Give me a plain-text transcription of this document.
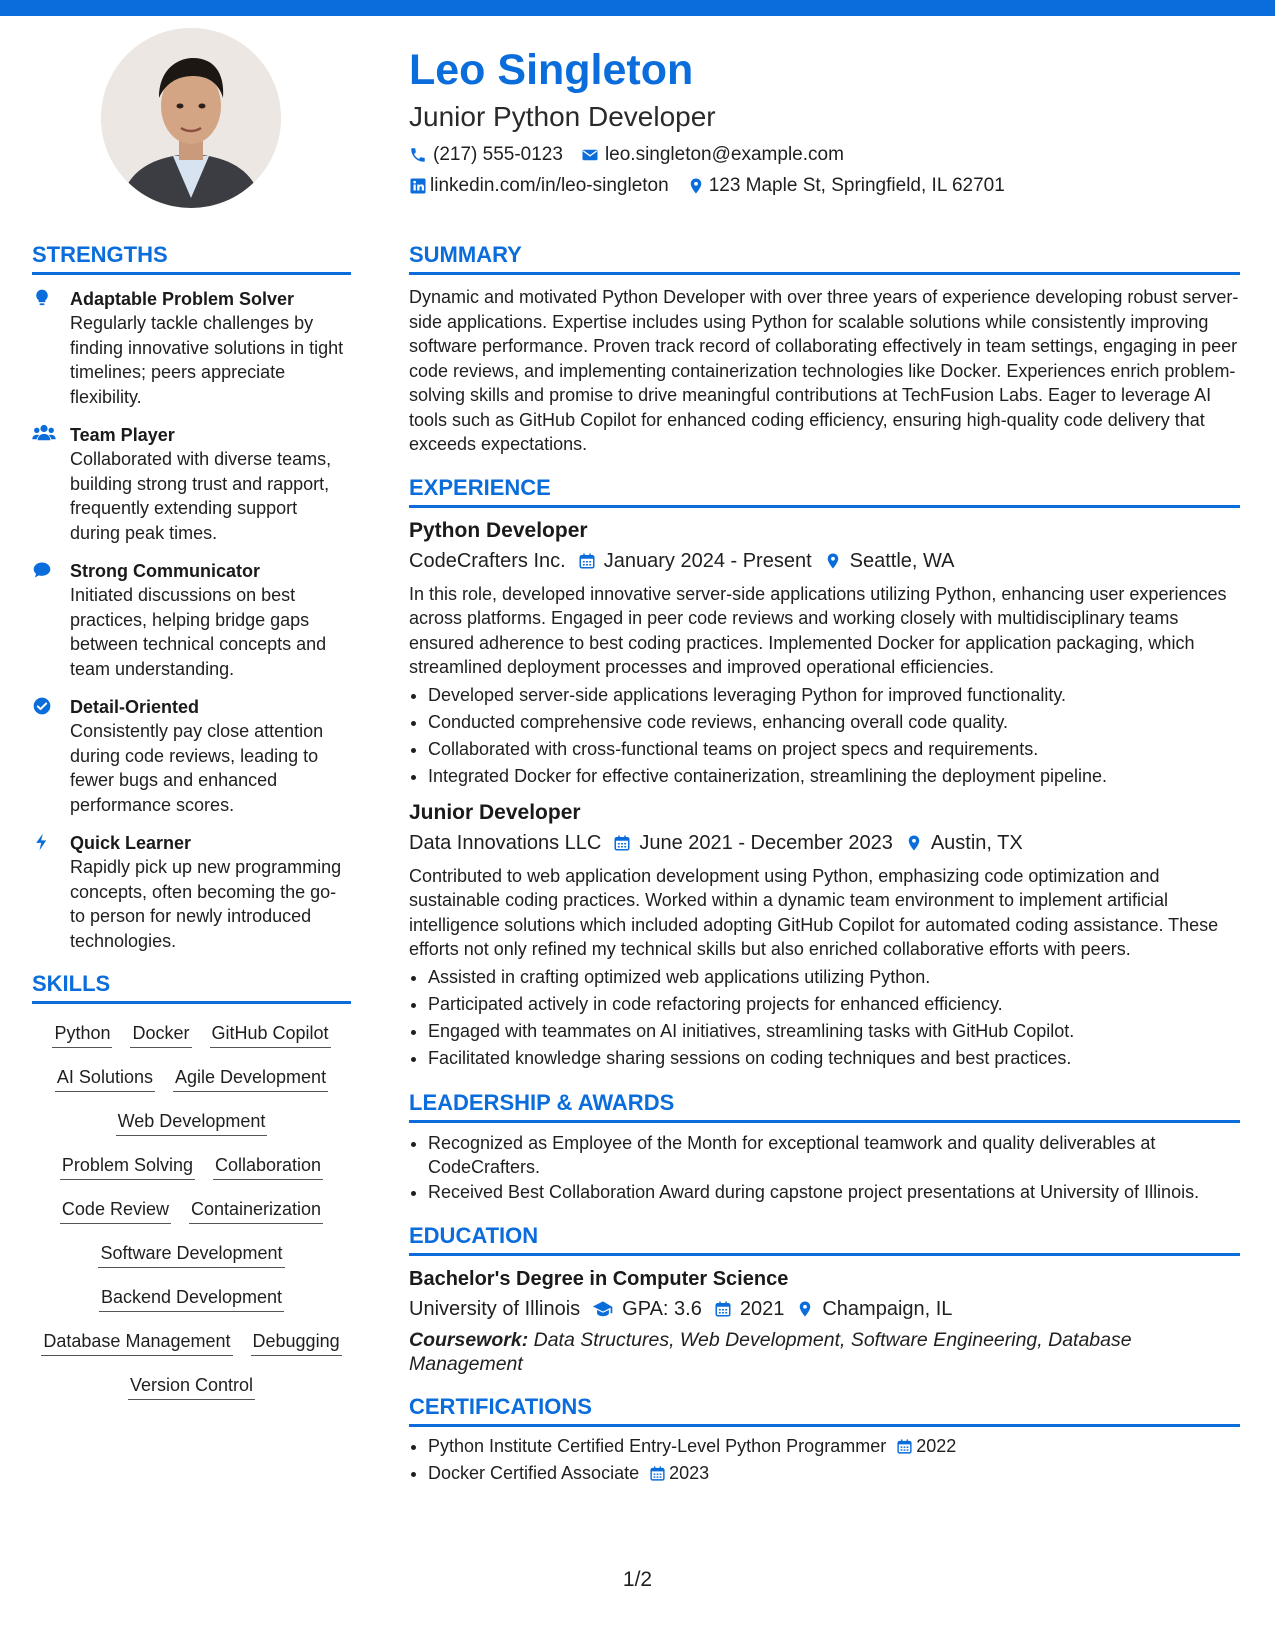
Leo Singleton
Junior Python Developer
(217) 555-0123 leo.singleton@example.com
linkedin.com/in/leo-singleton 123 Maple St, Springfield, IL 62701
STRENGTHS
Adaptable Problem Solver
Regularly tackle challenges by finding innovative solutions in tight timelines; peers appreciate flexibility.
Team Player
Collaborated with diverse teams, building strong trust and rapport, frequently extending support during peak times.
Strong Communicator
Initiated discussions on best practices, helping bridge gaps between technical concepts and team understanding.
Detail-Oriented
Consistently pay close attention during code reviews, leading to fewer bugs and enhanced performance scores.
Quick Learner
Rapidly pick up new programming concepts, often becoming the go-to person for newly introduced technologies.
SKILLS
Python Docker GitHub Copilot
AI Solutions Agile Development
Web Development
Problem Solving Collaboration
Code Review Containerization
Software Development
Backend Development
Database Management Debugging
Version Control
SUMMARY

Dynamic and motivated Python Developer with over three years of experience developing robust server-side applications. Expertise includes using Python for scalable solutions while consistently improving software performance. Proven track record of collaborating effectively in team settings, engaging in peer code reviews, and implementing containerization technologies like Docker. Experiences enrich problem-solving skills and promise to drive meaningful contributions at TechFusion Labs. Eager to leverage AI tools such as GitHub Copilot for enhanced coding efficiency, ensuring high-quality code delivery that exceeds expectations.

EXPERIENCE
Python Developer
CodeCrafters Inc. January 2024 - Present Seattle, WA

In this role, developed innovative server-side applications utilizing Python, enhancing user experiences across platforms. Engaged in peer code reviews and working closely with multidisciplinary teams ensured adherence to best coding practices. Implemented Docker for application packaging, which streamlined deployment processes and improved operational efficiencies.

• Developed server-side applications leveraging Python for improved functionality.
• Conducted comprehensive code reviews, enhancing overall code quality.
• Collaborated with cross-functional teams on project specs and requirements.
• Integrated Docker for effective containerization, streamlining the deployment pipeline.
Junior Developer
Data Innovations LLC June 2021 - December 2023 Austin, TX

Contributed to web application development using Python, emphasizing code optimization and sustainable coding practices. Worked within a dynamic team environment to implement artificial intelligence solutions which included adopting GitHub Copilot for automated coding assistance. These efforts not only refined my technical skills but also enriched collaborative efforts with peers.

• Assisted in crafting optimized web applications utilizing Python.
• Participated actively in code refactoring projects for enhanced efficiency.
• Engaged with teammates on AI initiatives, streamlining tasks with GitHub Copilot.
• Facilitated knowledge sharing sessions on coding techniques and best practices.
LEADERSHIP & AWARDS
• Recognized as Employee of the Month for exceptional teamwork and quality deliverables at CodeCrafters.
• Received Best Collaboration Award during capstone project presentations at University of Illinois.
EDUCATION
Bachelor's Degree in Computer Science
University of Illinois GPA: 3.6 2021 Champaign, IL
Coursework: Data Structures, Web Development, Software Engineering, Database Management
CERTIFICATIONS
• Python Institute Certified Entry-Level Python Programmer 2022
• Docker Certified Associate 2023
1/2
